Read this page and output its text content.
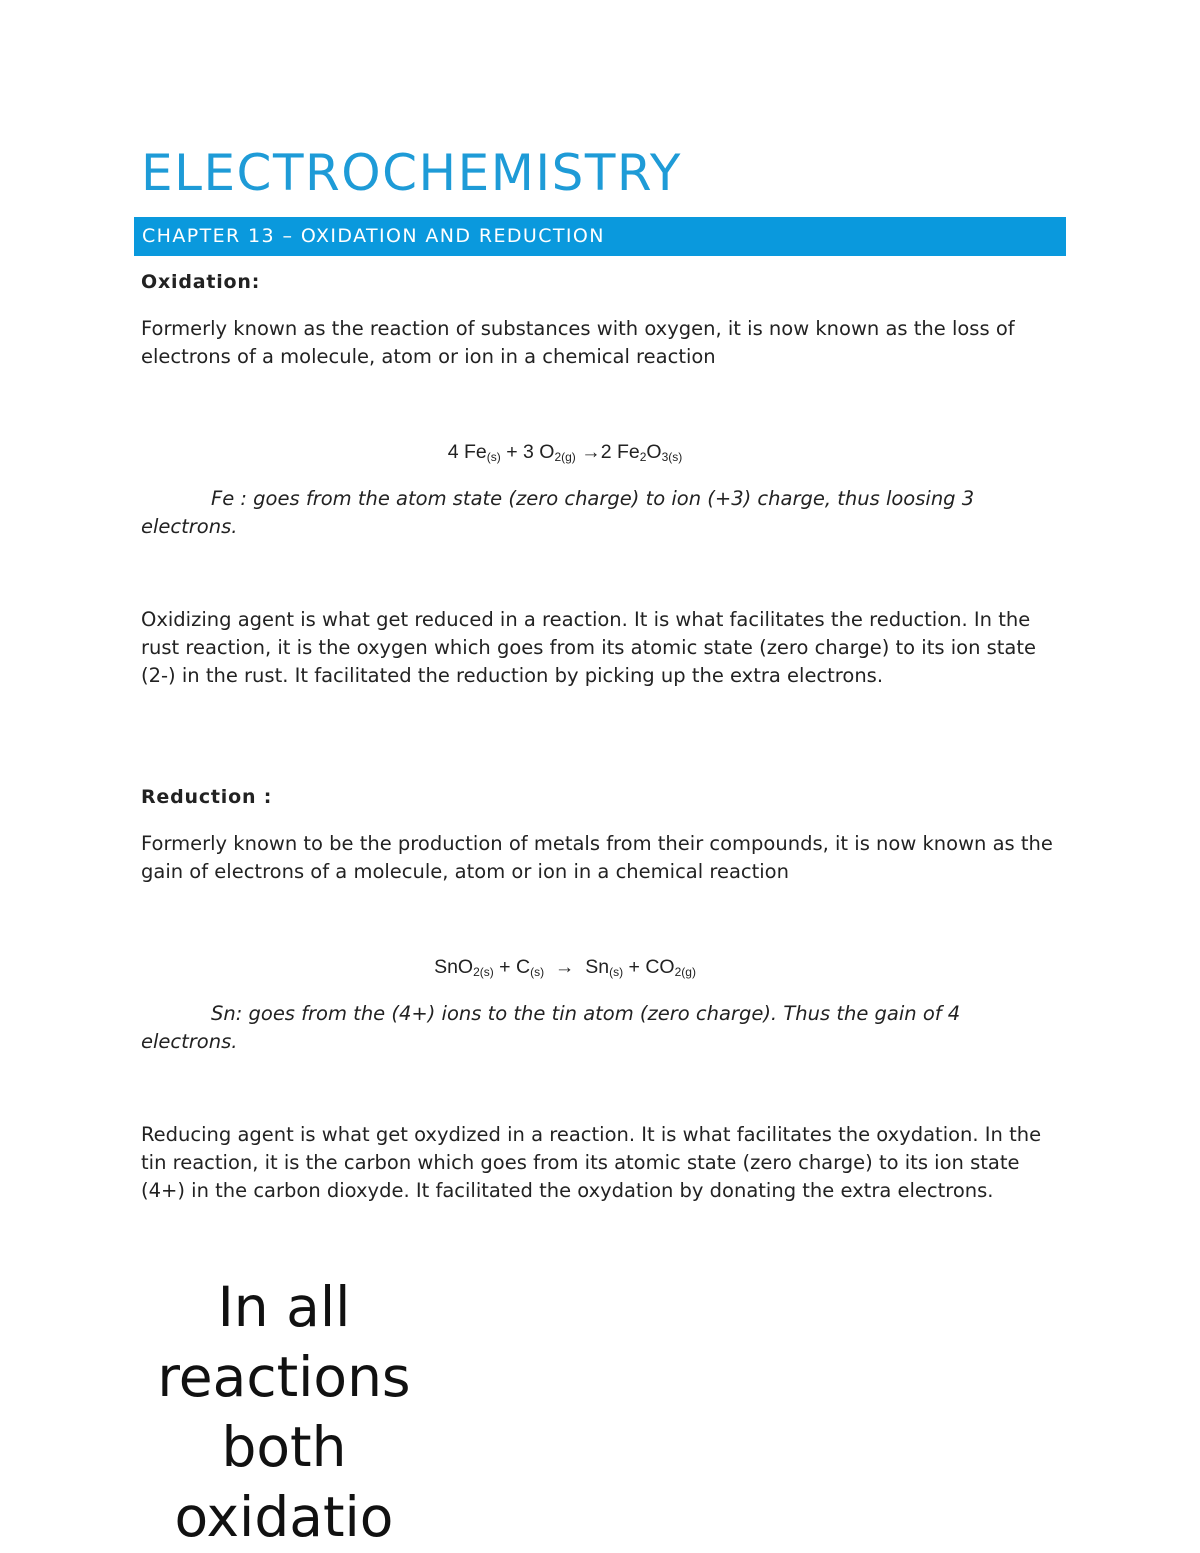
ELECTROCHEMISTRY
CHAPTER 13 – OXIDATION AND REDUCTION
Oxidation:

Formerly known as the reaction of substances with oxygen, it is now known as the loss of electrons of a molecule, atom or ion in a chemical reaction

4 $Fe_{(s)} + 3$ $O_{2(g)} \to 2$ $Fe_2O_{3(s)}$

Fe : goes from the atom state (zero charge) to ion (+3) charge, thus loosing 3 electrons.

Oxidizing agent is what get reduced in a reaction. It is what facilitates the reduction. In the rust reaction, it is the oxygen which goes from its atomic state (zero charge) to its ion state (2-) in the rust. It facilitated the reduction by picking up the extra electrons.

Reduction :

Formerly known to be the production of metals from their compounds, it is now known as the gain of electrons of a molecule, atom or ion in a chemical reaction

$SnO_{2(s)} + C_{(s)} \to Sn_{(s)} + CO_{2(g)}$

Sn: goes from the (4+) ions to the tin atom (zero charge). Thus the gain of 4 electrons.

Reducing agent is what get oxydized in a reaction. It is what facilitates the oxydation. In the tin reaction, it is the carbon which goes from its atomic state (zero charge) to its ion state (4+) in the carbon dioxyde. It facilitated the oxydation by donating the extra electrons.

In all
reactions
both
oxidatio
